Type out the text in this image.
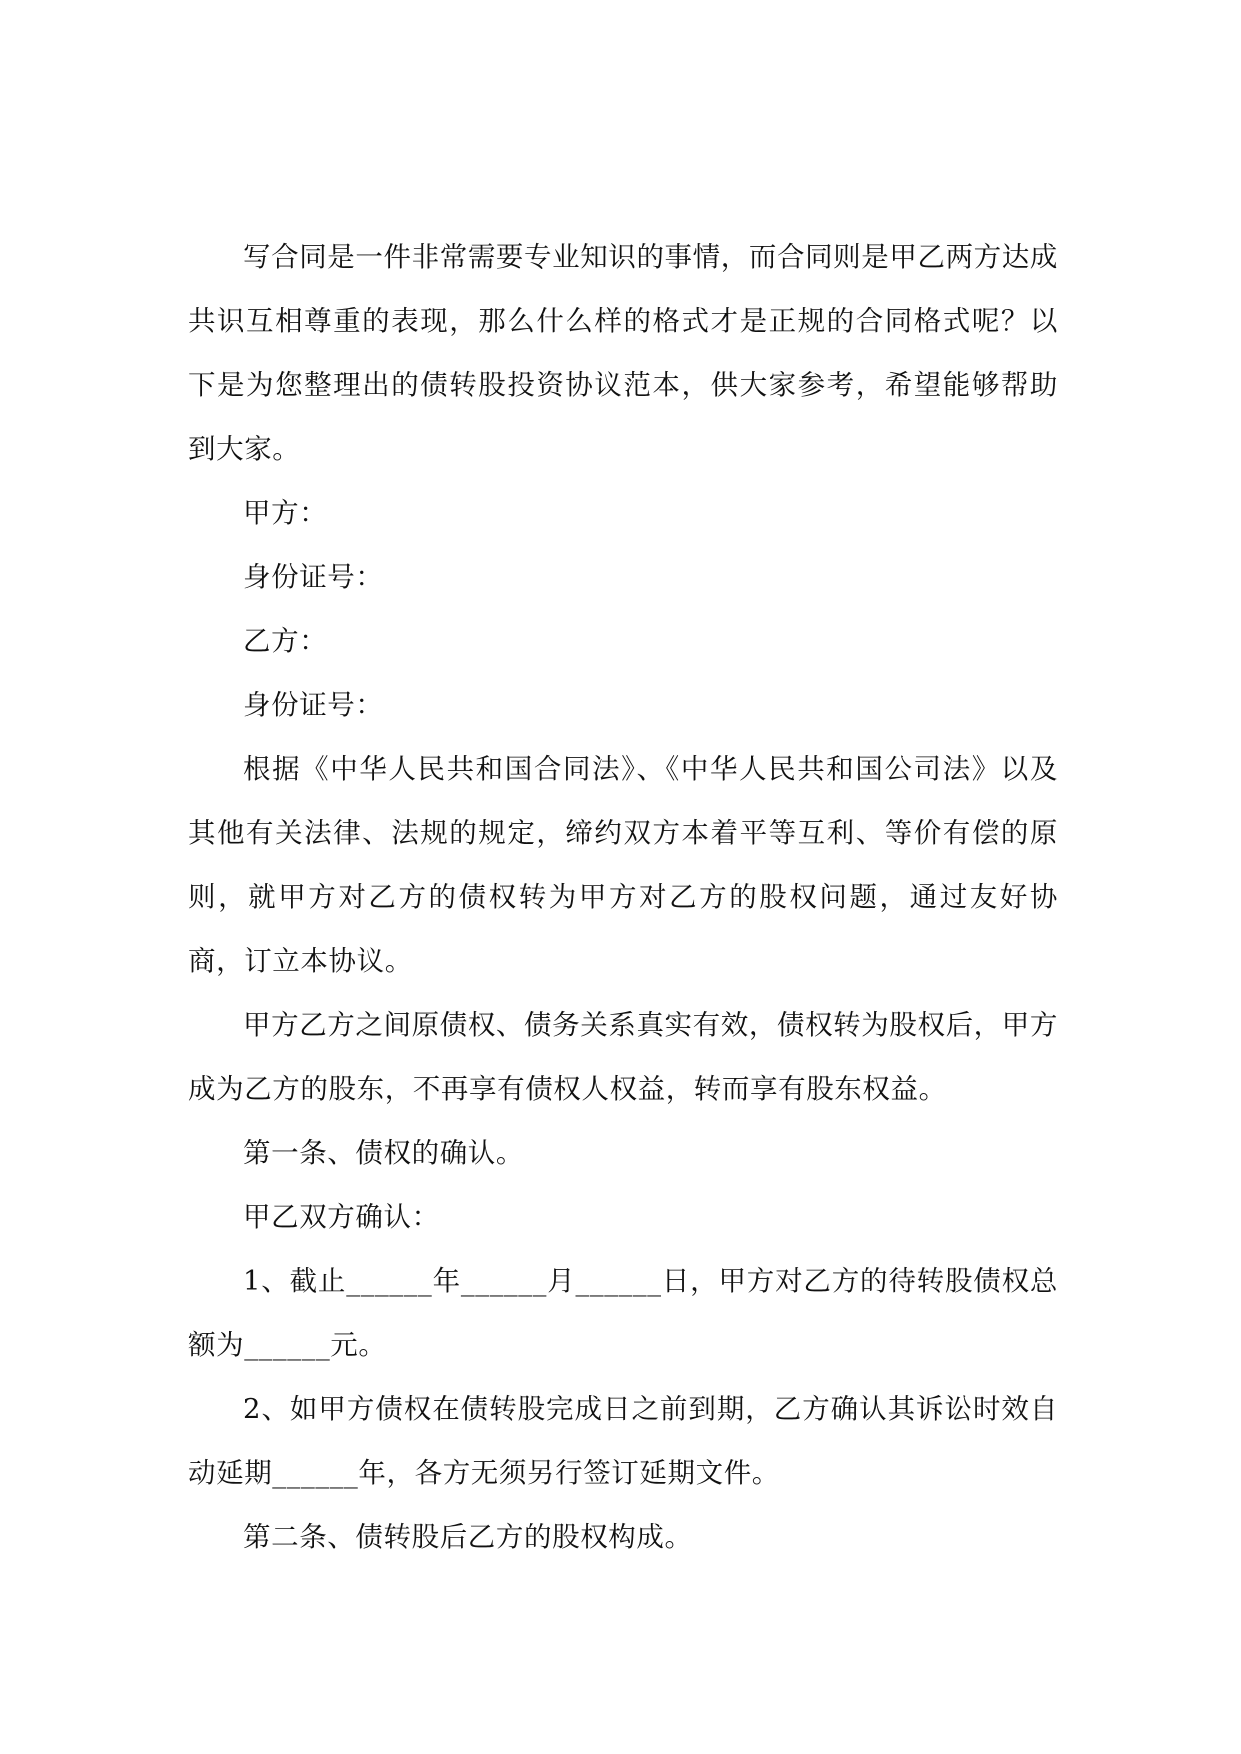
写合同是一件非常需要专业知识的事情，而合同则是甲乙两方达成共识互相尊重的表现，那么什么样的格式才是正规的合同格式呢？以下是为您整理出的债转股投资协议范本，供大家参考，希望能够帮助到大家。

甲方：

身份证号：

乙方：

身份证号：

根据《中华人民共和国合同法》、《中华人民共和国公司法》以及其他有关法律、法规的规定，缔约双方本着平等互利、等价有偿的原则，就甲方对乙方的债权转为甲方对乙方的股权问题，通过友好协商，订立本协议。

甲方乙方之间原债权、债务关系真实有效，债权转为股权后，甲方成为乙方的股东，不再享有债权人权益，转而享有股东权益。

第一条、债权的确认。

甲乙双方确认：

1、截止______年______月______日，甲方对乙方的待转股债权总额为______元。

2、如甲方债权在债转股完成日之前到期，乙方确认其诉讼时效自动延期______年，各方无须另行签订延期文件。

第二条、债转股后乙方的股权构成。
